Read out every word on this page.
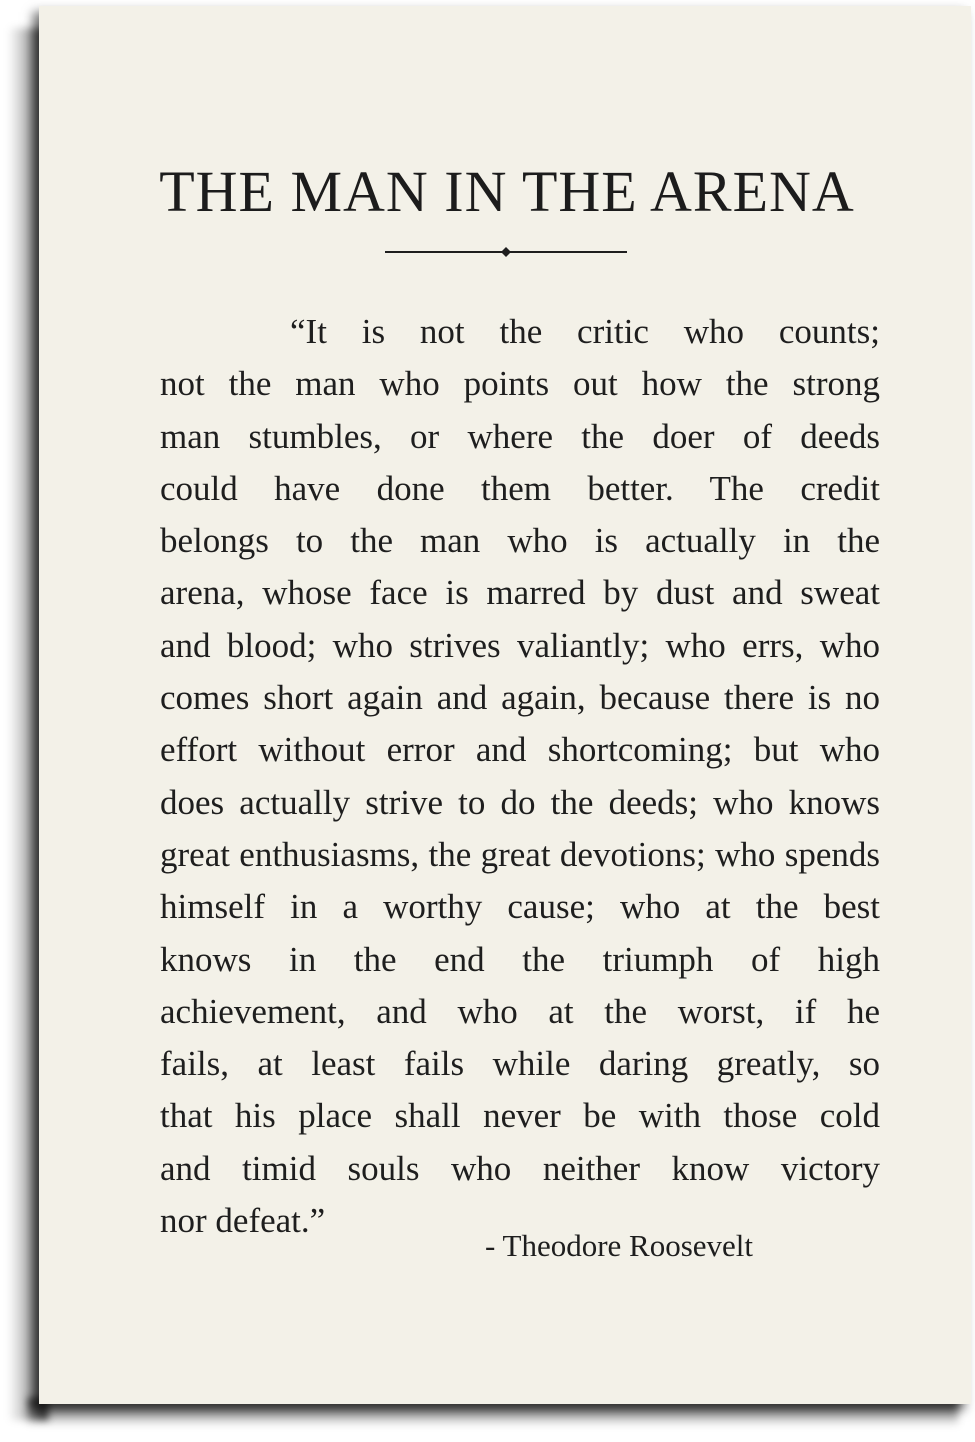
THE MAN IN THE ARENA
“It is not the critic who counts;
not the man who points out how the strong
man stumbles, or where the doer of deeds
could have done them better. The credit
belongs to the man who is actually in the
arena, whose face is marred by dust and sweat
and blood; who strives valiantly; who errs, who
comes short again and again, because there is no
effort without error and shortcoming; but who
does actually strive to do the deeds; who knows
great enthusiasms, the great devotions; who spends
himself in a worthy cause; who at the best
knows in the end the triumph of high
achievement, and who at the worst, if he
fails, at least fails while daring greatly, so
that his place shall never be with those cold
and timid souls who neither know victory
nor defeat.”
- Theodore Roosevelt
